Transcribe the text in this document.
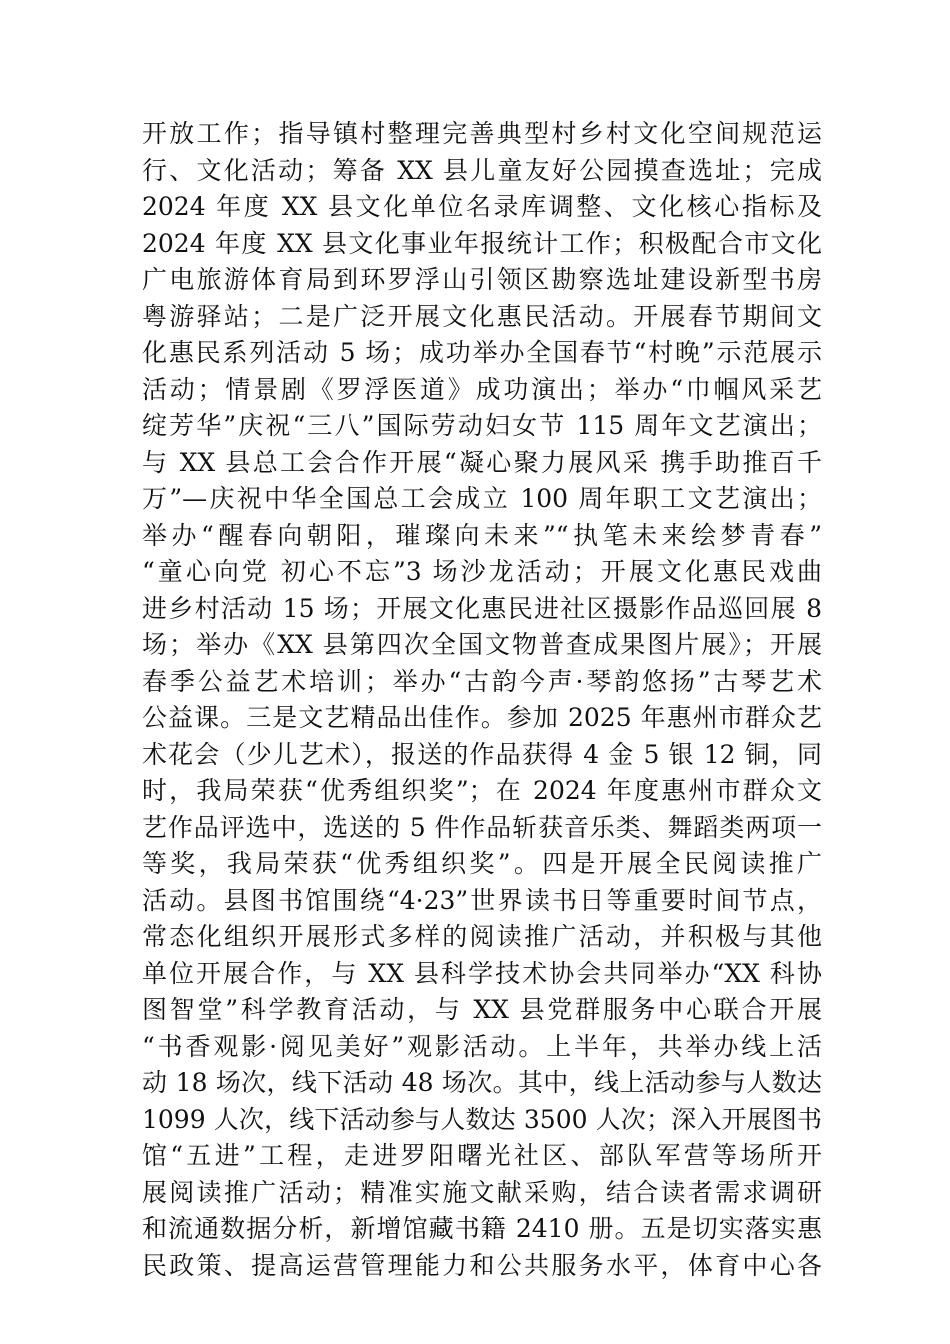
开放工作；指导镇村整理完善典型村乡村文化空间规范运
行、文化活动；筹备 XX 县儿童友好公园摸查选址；完成
2024 年度 XX 县文化单位名录库调整、文化核心指标及
2024 年度 XX 县文化事业年报统计工作；积极配合市文化
广电旅游体育局到环罗浮山引领区勘察选址建设新型书房
粤游驿站；二是广泛开展文化惠民活动。开展春节期间文
化惠民系列活动 5 场；成功举办全国春节“村晚”示范展示
活动；情景剧《罗浮医道》成功演出；举办“巾帼风采艺
绽芳华”庆祝“三八”国际劳动妇女节 115 周年文艺演出；
与 XX 县总工会合作开展“凝心聚力展风采 携手助推百千
万”—庆祝中华全国总工会成立 100 周年职工文艺演出；
举办“醒春向朝阳，璀璨向未来”“执笔未来绘梦青春”
“童心向党 初心不忘”3 场沙龙活动；开展文化惠民戏曲
进乡村活动 15 场；开展文化惠民进社区摄影作品巡回展 8
场；举办《XX 县第四次全国文物普查成果图片展》；开展
春季公益艺术培训；举办“古韵今声·琴韵悠扬”古琴艺术
公益课。三是文艺精品出佳作。参加 2025 年惠州市群众艺
术花会（少儿艺术），报送的作品获得 4 金 5 银 12 铜，同
时，我局荣获“优秀组织奖”；在 2024 年度惠州市群众文
艺作品评选中，选送的 5 件作品斩获音乐类、舞蹈类两项一
等奖，我局荣获“优秀组织奖”。四是开展全民阅读推广
活动。县图书馆围绕“4·23”世界读书日等重要时间节点，
常态化组织开展形式多样的阅读推广活动，并积极与其他
单位开展合作，与 XX 县科学技术协会共同举办“XX 科协
图智堂”科学教育活动，与 XX 县党群服务中心联合开展
“书香观影·阅见美好”观影活动。上半年，共举办线上活
动 18 场次，线下活动 48 场次。其中，线上活动参与人数达
1099 人次，线下活动参与人数达 3500 人次；深入开展图书
馆“五进”工程，走进罗阳曙光社区、部队军营等场所开
展阅读推广活动；精准实施文献采购，结合读者需求调研
和流通数据分析，新增馆藏书籍 2410 册。五是切实落实惠
民政策、提高运营管理能力和公共服务水平，体育中心各
